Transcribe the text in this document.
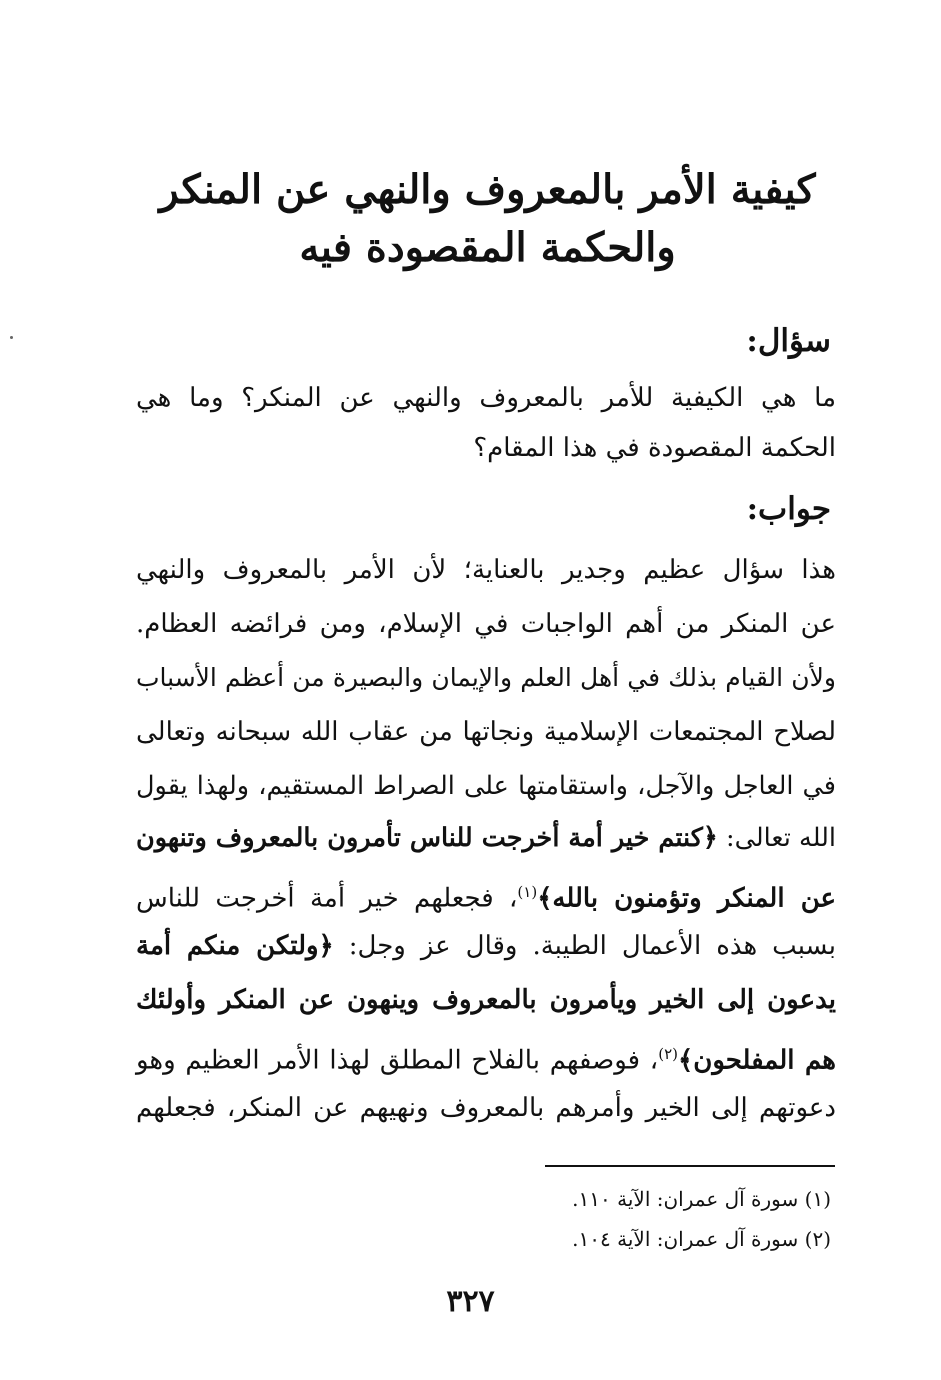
كيفية الأمر بالمعروف والنهي عن المنكر
والحكمة المقصودة فيه
سؤال:
ما هي الكيفية للأمر بالمعروف والنهي عن المنكر؟ وما هي
الحكمة المقصودة في هذا المقام؟
جواب:
هذا سؤال عظيم وجدير بالعناية؛ لأن الأمر بالمعروف والنهي
عن المنكر من أهم الواجبات في الإسلام، ومن فرائضه العظام.
ولأن القيام بذلك في أهل العلم والإيمان والبصيرة من أعظم الأسباب
لصلاح المجتمعات الإسلامية ونجاتها من عقاب الله سبحانه وتعالى
في العاجل والآجل، واستقامتها على الصراط المستقيم، ولهذا يقول
الله تعالى: ﴿كنتم خير أمة أخرجت للناس تأمرون بالمعروف وتنهون
عن المنكر وتؤمنون بالله﴾$^{(١)}$، فجعلهم خير أمة أخرجت للناس
بسبب هذه الأعمال الطيبة. وقال عز وجل: ﴿ولتكن منكم أمة
يدعون إلى الخير ويأمرون بالمعروف وينهون عن المنكر وأولئك
هم المفلحون﴾$^{(٢)}$، فوصفهم بالفلاح المطلق لهذا الأمر العظيم وهو
دعوتهم إلى الخير وأمرهم بالمعروف ونهيهم عن المنكر، فجعلهم
(١) سورة آل عمران: الآية ١١٠.
(٢) سورة آل عمران: الآية ١٠٤.
٣٢٧
